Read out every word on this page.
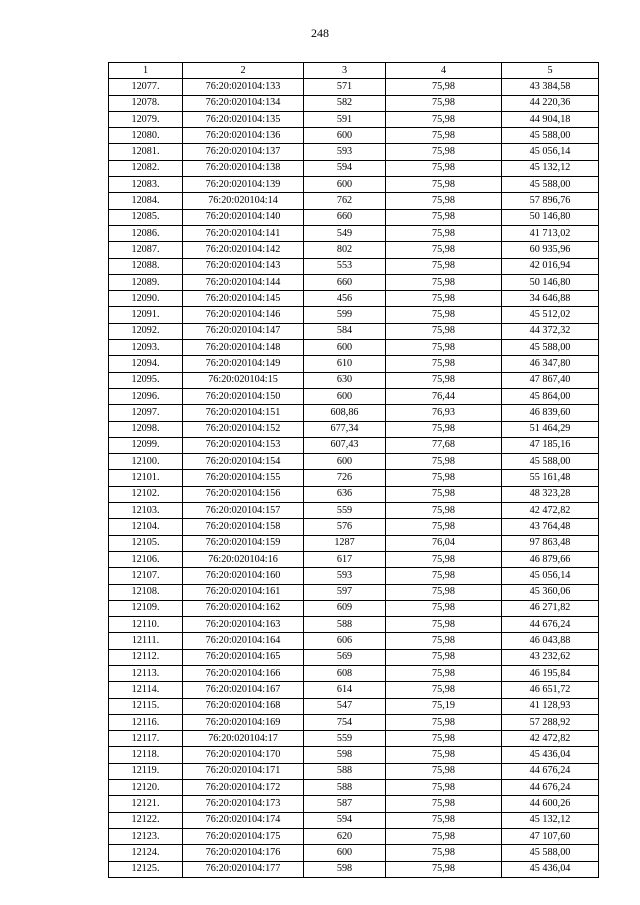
248
1	2	3	4	5
12077.	76:20:020104:133	571	75,98	43 384,58
12078.	76:20:020104:134	582	75,98	44 220,36
12079.	76:20:020104:135	591	75,98	44 904,18
12080.	76:20:020104:136	600	75,98	45 588,00
12081.	76:20:020104:137	593	75,98	45 056,14
12082.	76:20:020104:138	594	75,98	45 132,12
12083.	76:20:020104:139	600	75,98	45 588,00
12084.	76:20:020104:14	762	75,98	57 896,76
12085.	76:20:020104:140	660	75,98	50 146,80
12086.	76:20:020104:141	549	75,98	41 713,02
12087.	76:20:020104:142	802	75,98	60 935,96
12088.	76:20:020104:143	553	75,98	42 016,94
12089.	76:20:020104:144	660	75,98	50 146,80
12090.	76:20:020104:145	456	75,98	34 646,88
12091.	76:20:020104:146	599	75,98	45 512,02
12092.	76:20:020104:147	584	75,98	44 372,32
12093.	76:20:020104:148	600	75,98	45 588,00
12094.	76:20:020104:149	610	75,98	46 347,80
12095.	76:20:020104:15	630	75,98	47 867,40
12096.	76:20:020104:150	600	76,44	45 864,00
12097.	76:20:020104:151	608,86	76,93	46 839,60
12098.	76:20:020104:152	677,34	75,98	51 464,29
12099.	76:20:020104:153	607,43	77,68	47 185,16
12100.	76:20:020104:154	600	75,98	45 588,00
12101.	76:20:020104:155	726	75,98	55 161,48
12102.	76:20:020104:156	636	75,98	48 323,28
12103.	76:20:020104:157	559	75,98	42 472,82
12104.	76:20:020104:158	576	75,98	43 764,48
12105.	76:20:020104:159	1287	76,04	97 863,48
12106.	76:20:020104:16	617	75,98	46 879,66
12107.	76:20:020104:160	593	75,98	45 056,14
12108.	76:20:020104:161	597	75,98	45 360,06
12109.	76:20:020104:162	609	75,98	46 271,82
12110.	76:20:020104:163	588	75,98	44 676,24
12111.	76:20:020104:164	606	75,98	46 043,88
12112.	76:20:020104:165	569	75,98	43 232,62
12113.	76:20:020104:166	608	75,98	46 195,84
12114.	76:20:020104:167	614	75,98	46 651,72
12115.	76:20:020104:168	547	75,19	41 128,93
12116.	76:20:020104:169	754	75,98	57 288,92
12117.	76:20:020104:17	559	75,98	42 472,82
12118.	76:20:020104:170	598	75,98	45 436,04
12119.	76:20:020104:171	588	75,98	44 676,24
12120.	76:20:020104:172	588	75,98	44 676,24
12121.	76:20:020104:173	587	75,98	44 600,26
12122.	76:20:020104:174	594	75,98	45 132,12
12123.	76:20:020104:175	620	75,98	47 107,60
12124.	76:20:020104:176	600	75,98	45 588,00
12125.	76:20:020104:177	598	75,98	45 436,04
